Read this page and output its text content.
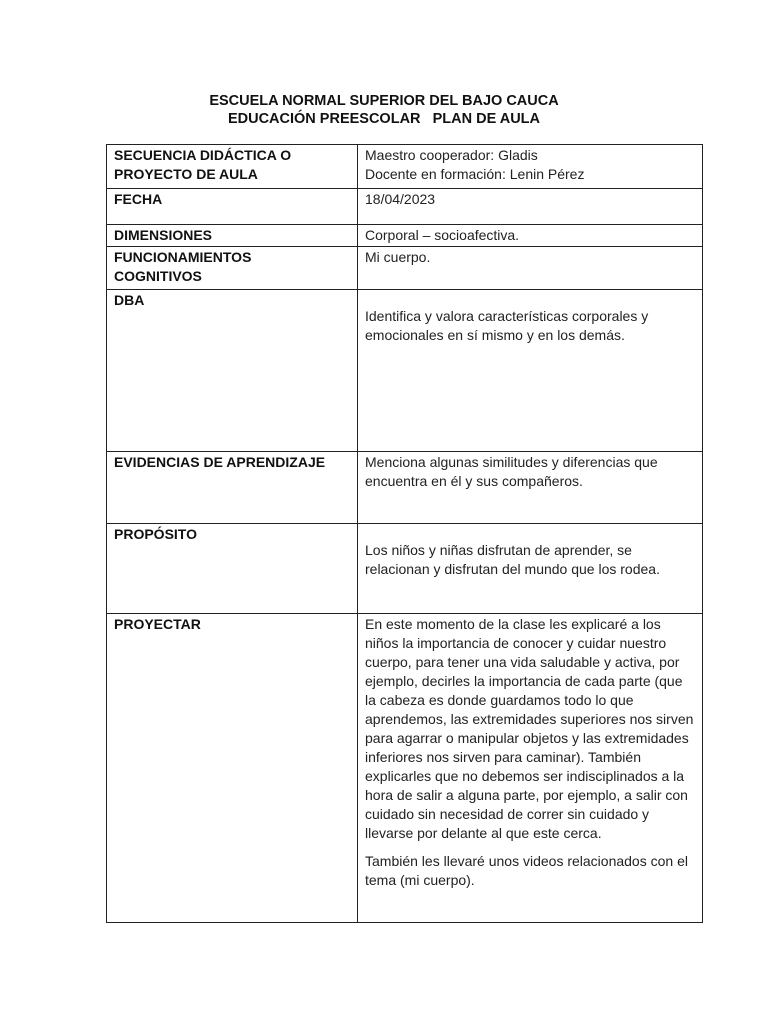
ESCUELA NORMAL SUPERIOR DEL BAJO CAUCA
EDUCACIÓN PREESCOLAR   PLAN DE AULA
SECUENCIA DIDÁCTICA O
PROYECTO DE AULA	Maestro cooperador: Gladis
Docente en formación: Lenin Pérez

FECHA	18/04/2023
DIMENSIONES	Corporal – socioafectiva.

FUNCIONAMIENTOS
COGNITIVOS	Mi cuerpo.
DBA	Identifica y valora características corporales y emocionales en sí mismo y en los demás.

EVIDENCIAS DE APRENDIZAJE	Menciona algunas similitudes y diferencias que encuentra en él y sus compañeros.
PROPÓSITO	Los niños y niñas disfrutan de aprender, se relacionan y disfrutan del mundo que los rodea.

PROYECTAR	En este momento de la clase les explicaré a los niños la importancia de conocer y cuidar nuestro cuerpo, para tener una vida saludable y activa, por ejemplo, decirles la importancia de cada parte (que la cabeza es donde guardamos todo lo que aprendemos, las extremidades superiores nos sirven para agarrar o manipular objetos y las extremidades inferiores nos sirven para caminar). También explicarles que no debemos ser indisciplinados a la hora de salir a alguna parte, por ejemplo, a salir con cuidado sin necesidad de correr sin cuidado y llevarse por delante al que este cerca.
También les llevaré unos videos relacionados con el tema (mi cuerpo).
